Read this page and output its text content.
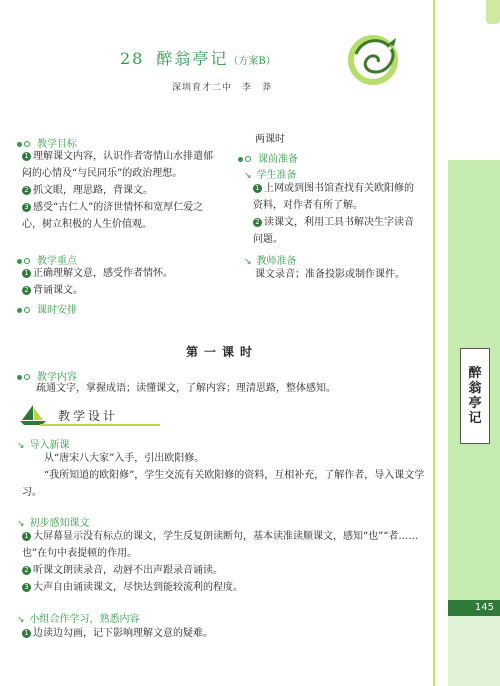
醉
翁
亭
记
145
28 醉翁亭记（方案B）
深圳育才二中　李　莽
教学目标
1 理解课文内容，认识作者寄情山水排遣郁闷的心情及“与民同乐”的政治理想。
2 抓文眼，理思路，背课文。
3 感受“古仁人”的济世情怀和宽厚仁爱之心，树立积极的人生价值观。
教学重点
1 正确理解文意，感受作者情怀。
2 背诵课文。
课时安排
两课时
课前准备
↘ 学生准备
1 上网或到图书馆查找有关欧阳修的资料，对作者有所了解。
2 读课文，利用工具书解决生字读音问题。
↘ 教师准备
课文录音；准备投影或制作课件。
第一课时
教学内容
疏通文字，掌握成语；读懂课文，了解内容；理清思路，整体感知。
教学设计
↘ 导入新课
从“唐宋八大家”入手，引出欧阳修。
“我所知道的欧阳修”，学生交流有关欧阳修的资料，互相补充，了解作者，导入课文学习。
↘ 初步感知课文
1 大屏幕显示没有标点的课文，学生反复朗读断句，基本读准读顺课文，感知“也”“者……也”在句中表提顿的作用。
2 听课文朗读录音，动唇不出声跟录音诵读。
3 大声自由诵读课文，尽快达到能较流利的程度。
↘ 小组合作学习，熟悉内容
1 边读边勾画，记下影响理解文意的疑难。
